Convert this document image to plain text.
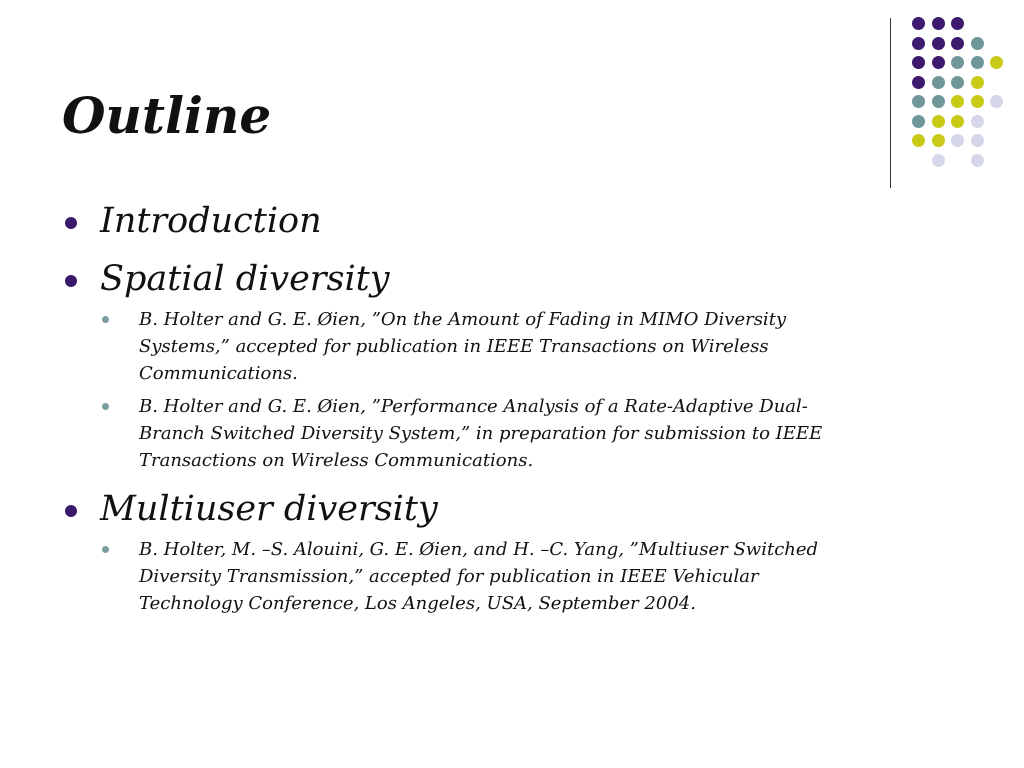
Outline
Introduction
Spatial diversity
B. Holter and G. E. Øien, ”On the Amount of Fading in MIMO Diversity Systems,” accepted for publication in IEEE Transactions on Wireless Communications.
B. Holter and G. E. Øien, ”Performance Analysis of a Rate-Adaptive Dual-Branch Switched Diversity System,” in preparation for submission to IEEE Transactions on Wireless Communications.
Multiuser diversity
B. Holter, M. –S. Alouini, G. E. Øien, and H. –C. Yang, ”Multiuser Switched Diversity Transmission,” accepted for publication in IEEE Vehicular Technology Conference, Los Angeles, USA, September 2004.
